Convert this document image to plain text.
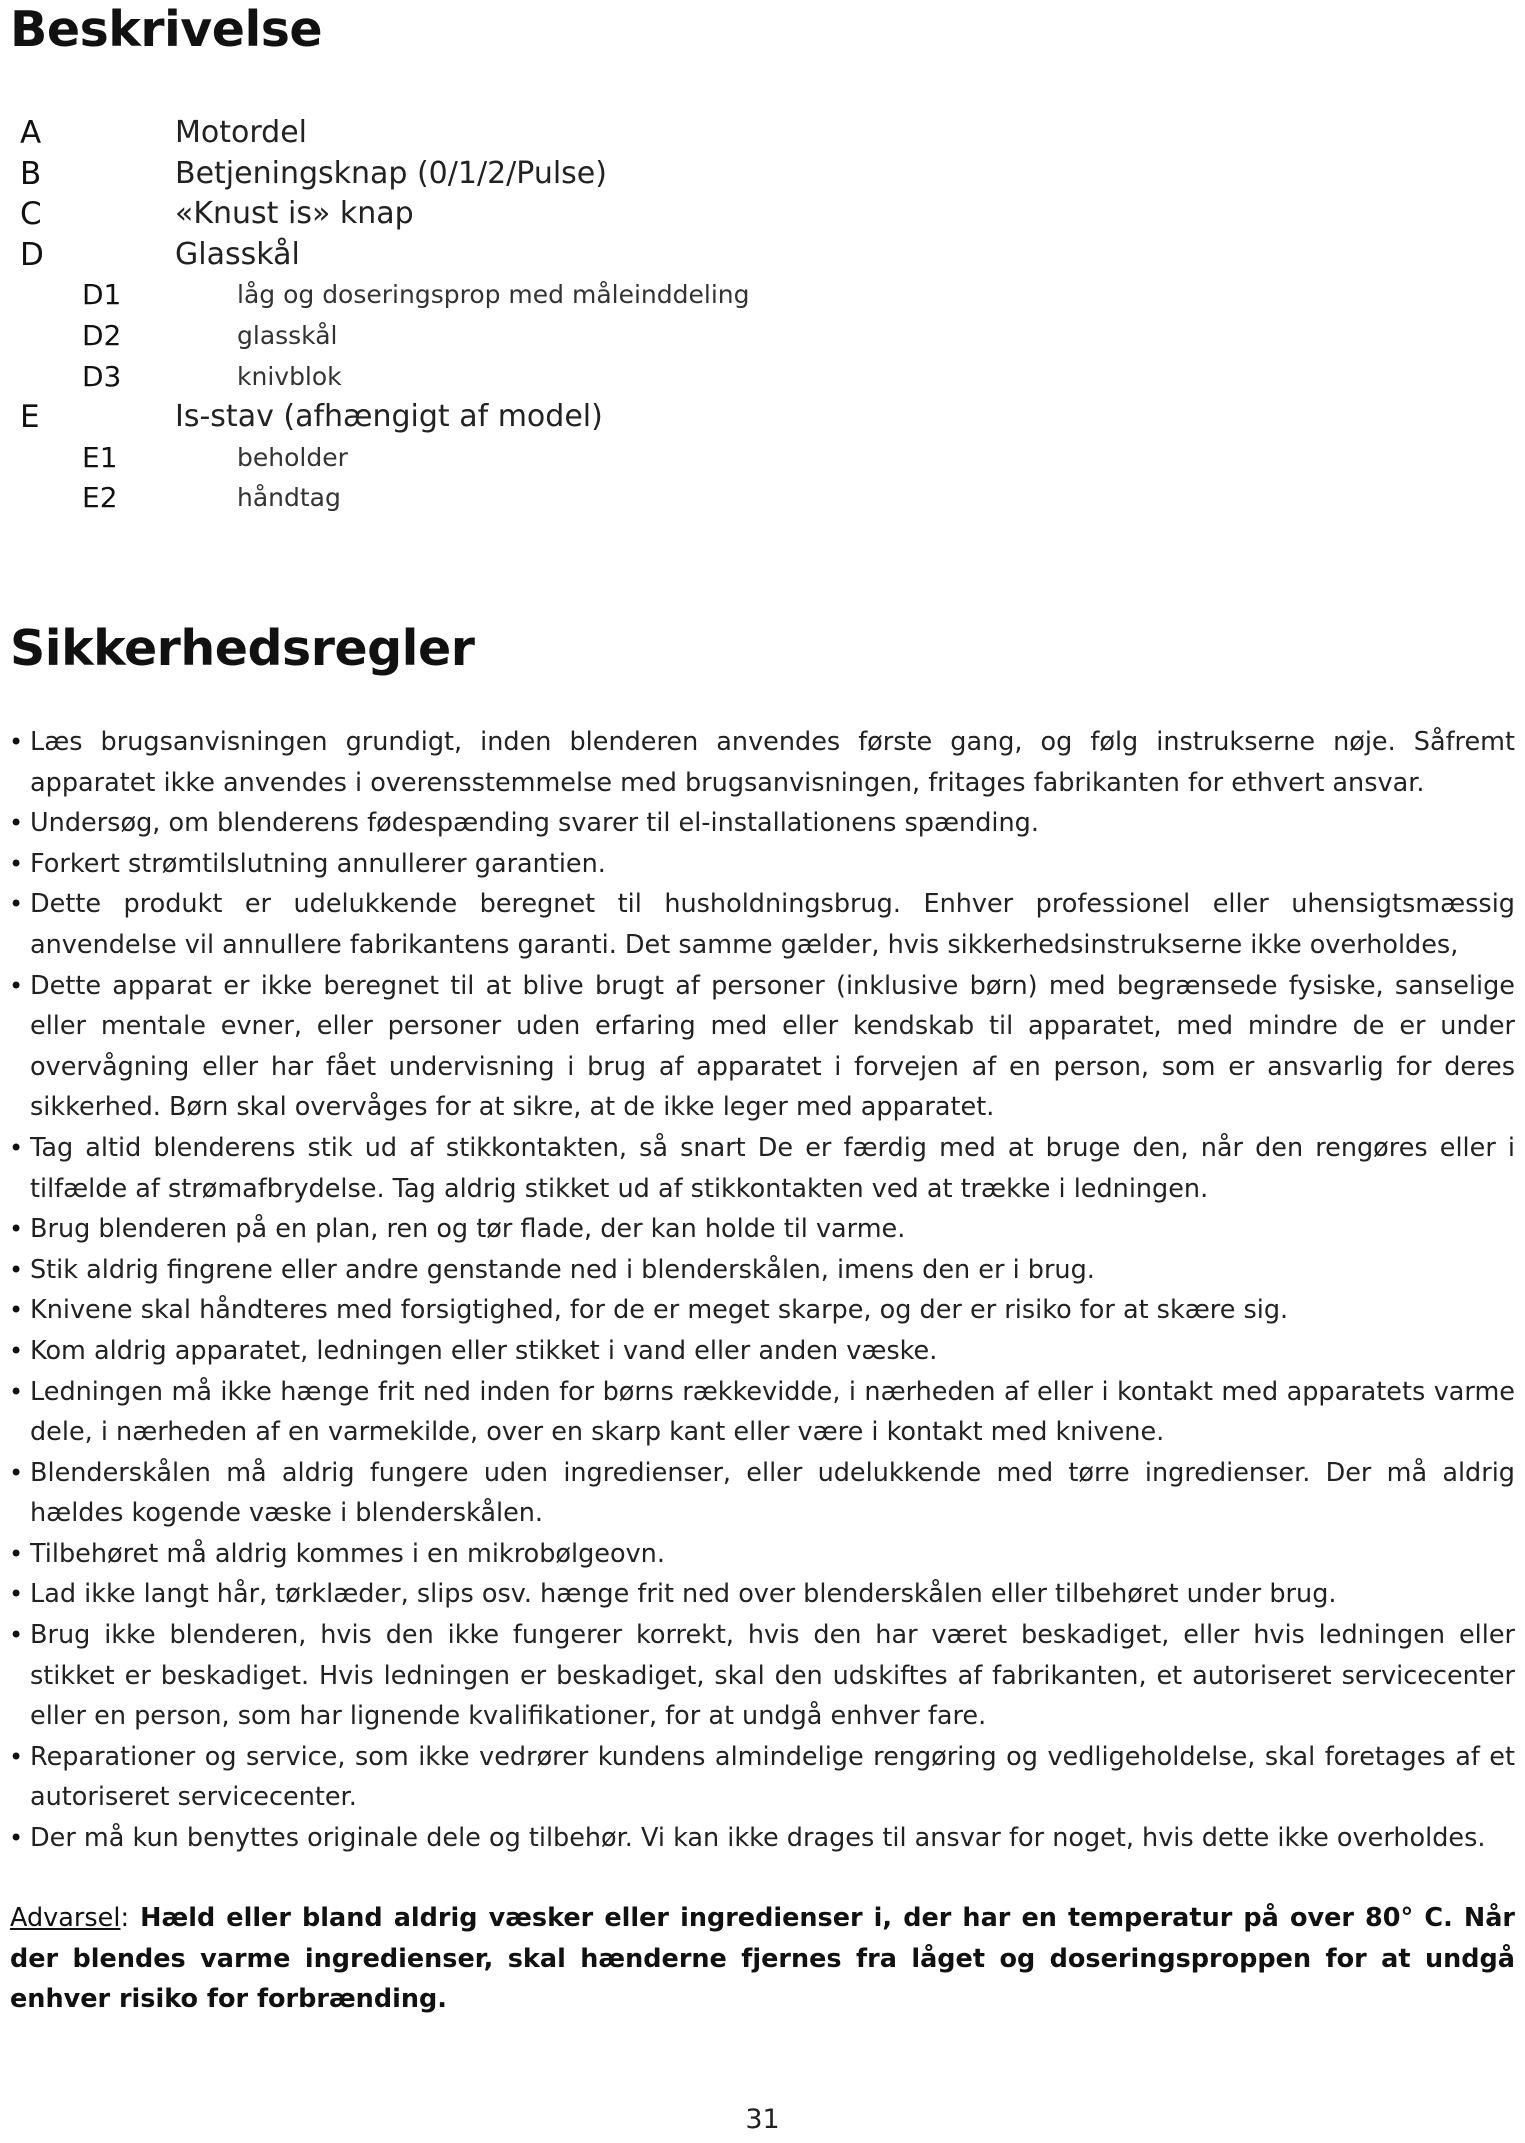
Beskrivelse
A	Motordel
B	Betjeningsknap (0/1/2/Pulse)
C	«Knust is» knap
D	Glasskål
D1	låg og doseringsprop med måleinddeling
D2	glasskål
D3	knivblok
E	Is-stav (afhængigt af model)
E1	beholder
E2	håndtag
Sikkerhedsregler
• Læs brugsanvisningen grundigt, inden blenderen anvendes første gang, og følg instrukserne nøje. Såfremt apparatet ikke anvendes i overensstemmelse med brugsanvisningen, fritages fabrikanten for ethvert ansvar.
• Undersøg, om blenderens fødespænding svarer til el-installationens spænding.
• Forkert strømtilslutning annullerer garantien.
• Dette produkt er udelukkende beregnet til husholdningsbrug. Enhver professionel eller uhensigtsmæssig anvendelse vil annullere fabrikantens garanti. Det samme gælder, hvis sikkerhedsinstrukserne ikke overholdes,
• Dette apparat er ikke beregnet til at blive brugt af personer (inklusive børn) med begrænsede fysiske, sanselige eller mentale evner, eller personer uden erfaring med eller kendskab til apparatet, med mindre de er under overvågning eller har fået undervisning i brug af apparatet i forvejen af en person, som er ansvarlig for deres sikkerhed. Børn skal overvåges for at sikre, at de ikke leger med apparatet.
• Tag altid blenderens stik ud af stikkontakten, så snart De er færdig med at bruge den, når den rengøres eller i tilfælde af strømafbrydelse. Tag aldrig stikket ud af stikkontakten ved at trække i ledningen.
• Brug blenderen på en plan, ren og tør flade, der kan holde til varme.
• Stik aldrig fingrene eller andre genstande ned i blenderskålen, imens den er i brug.
• Knivene skal håndteres med forsigtighed, for de er meget skarpe, og der er risiko for at skære sig.
• Kom aldrig apparatet, ledningen eller stikket i vand eller anden væske.
• Ledningen må ikke hænge frit ned inden for børns rækkevidde, i nærheden af eller i kontakt med apparatets varme dele, i nærheden af en varmekilde, over en skarp kant eller være i kontakt med knivene.
• Blenderskålen må aldrig fungere uden ingredienser, eller udelukkende med tørre ingredienser. Der må aldrig hældes kogende væske i blenderskålen.
• Tilbehøret må aldrig kommes i en mikrobølgeovn.
• Lad ikke langt hår, tørklæder, slips osv. hænge frit ned over blenderskålen eller tilbehøret under brug.
• Brug ikke blenderen, hvis den ikke fungerer korrekt, hvis den har været beskadiget, eller hvis ledningen eller stikket er beskadiget. Hvis ledningen er beskadiget, skal den udskiftes af fabrikanten, et autoriseret servicecenter eller en person, som har lignende kvalifikationer, for at undgå enhver fare.
• Reparationer og service, som ikke vedrører kundens almindelige rengøring og vedligeholdelse, skal foretages af et autoriseret servicecenter.
• Der må kun benyttes originale dele og tilbehør. Vi kan ikke drages til ansvar for noget, hvis dette ikke overholdes.
Advarsel: Hæld eller bland aldrig væsker eller ingredienser i, der har en temperatur på over 80° C. Når der blendes varme ingredienser, skal hænderne fjernes fra låget og doseringsproppen for at undgå enhver risiko for forbrænding.
31
